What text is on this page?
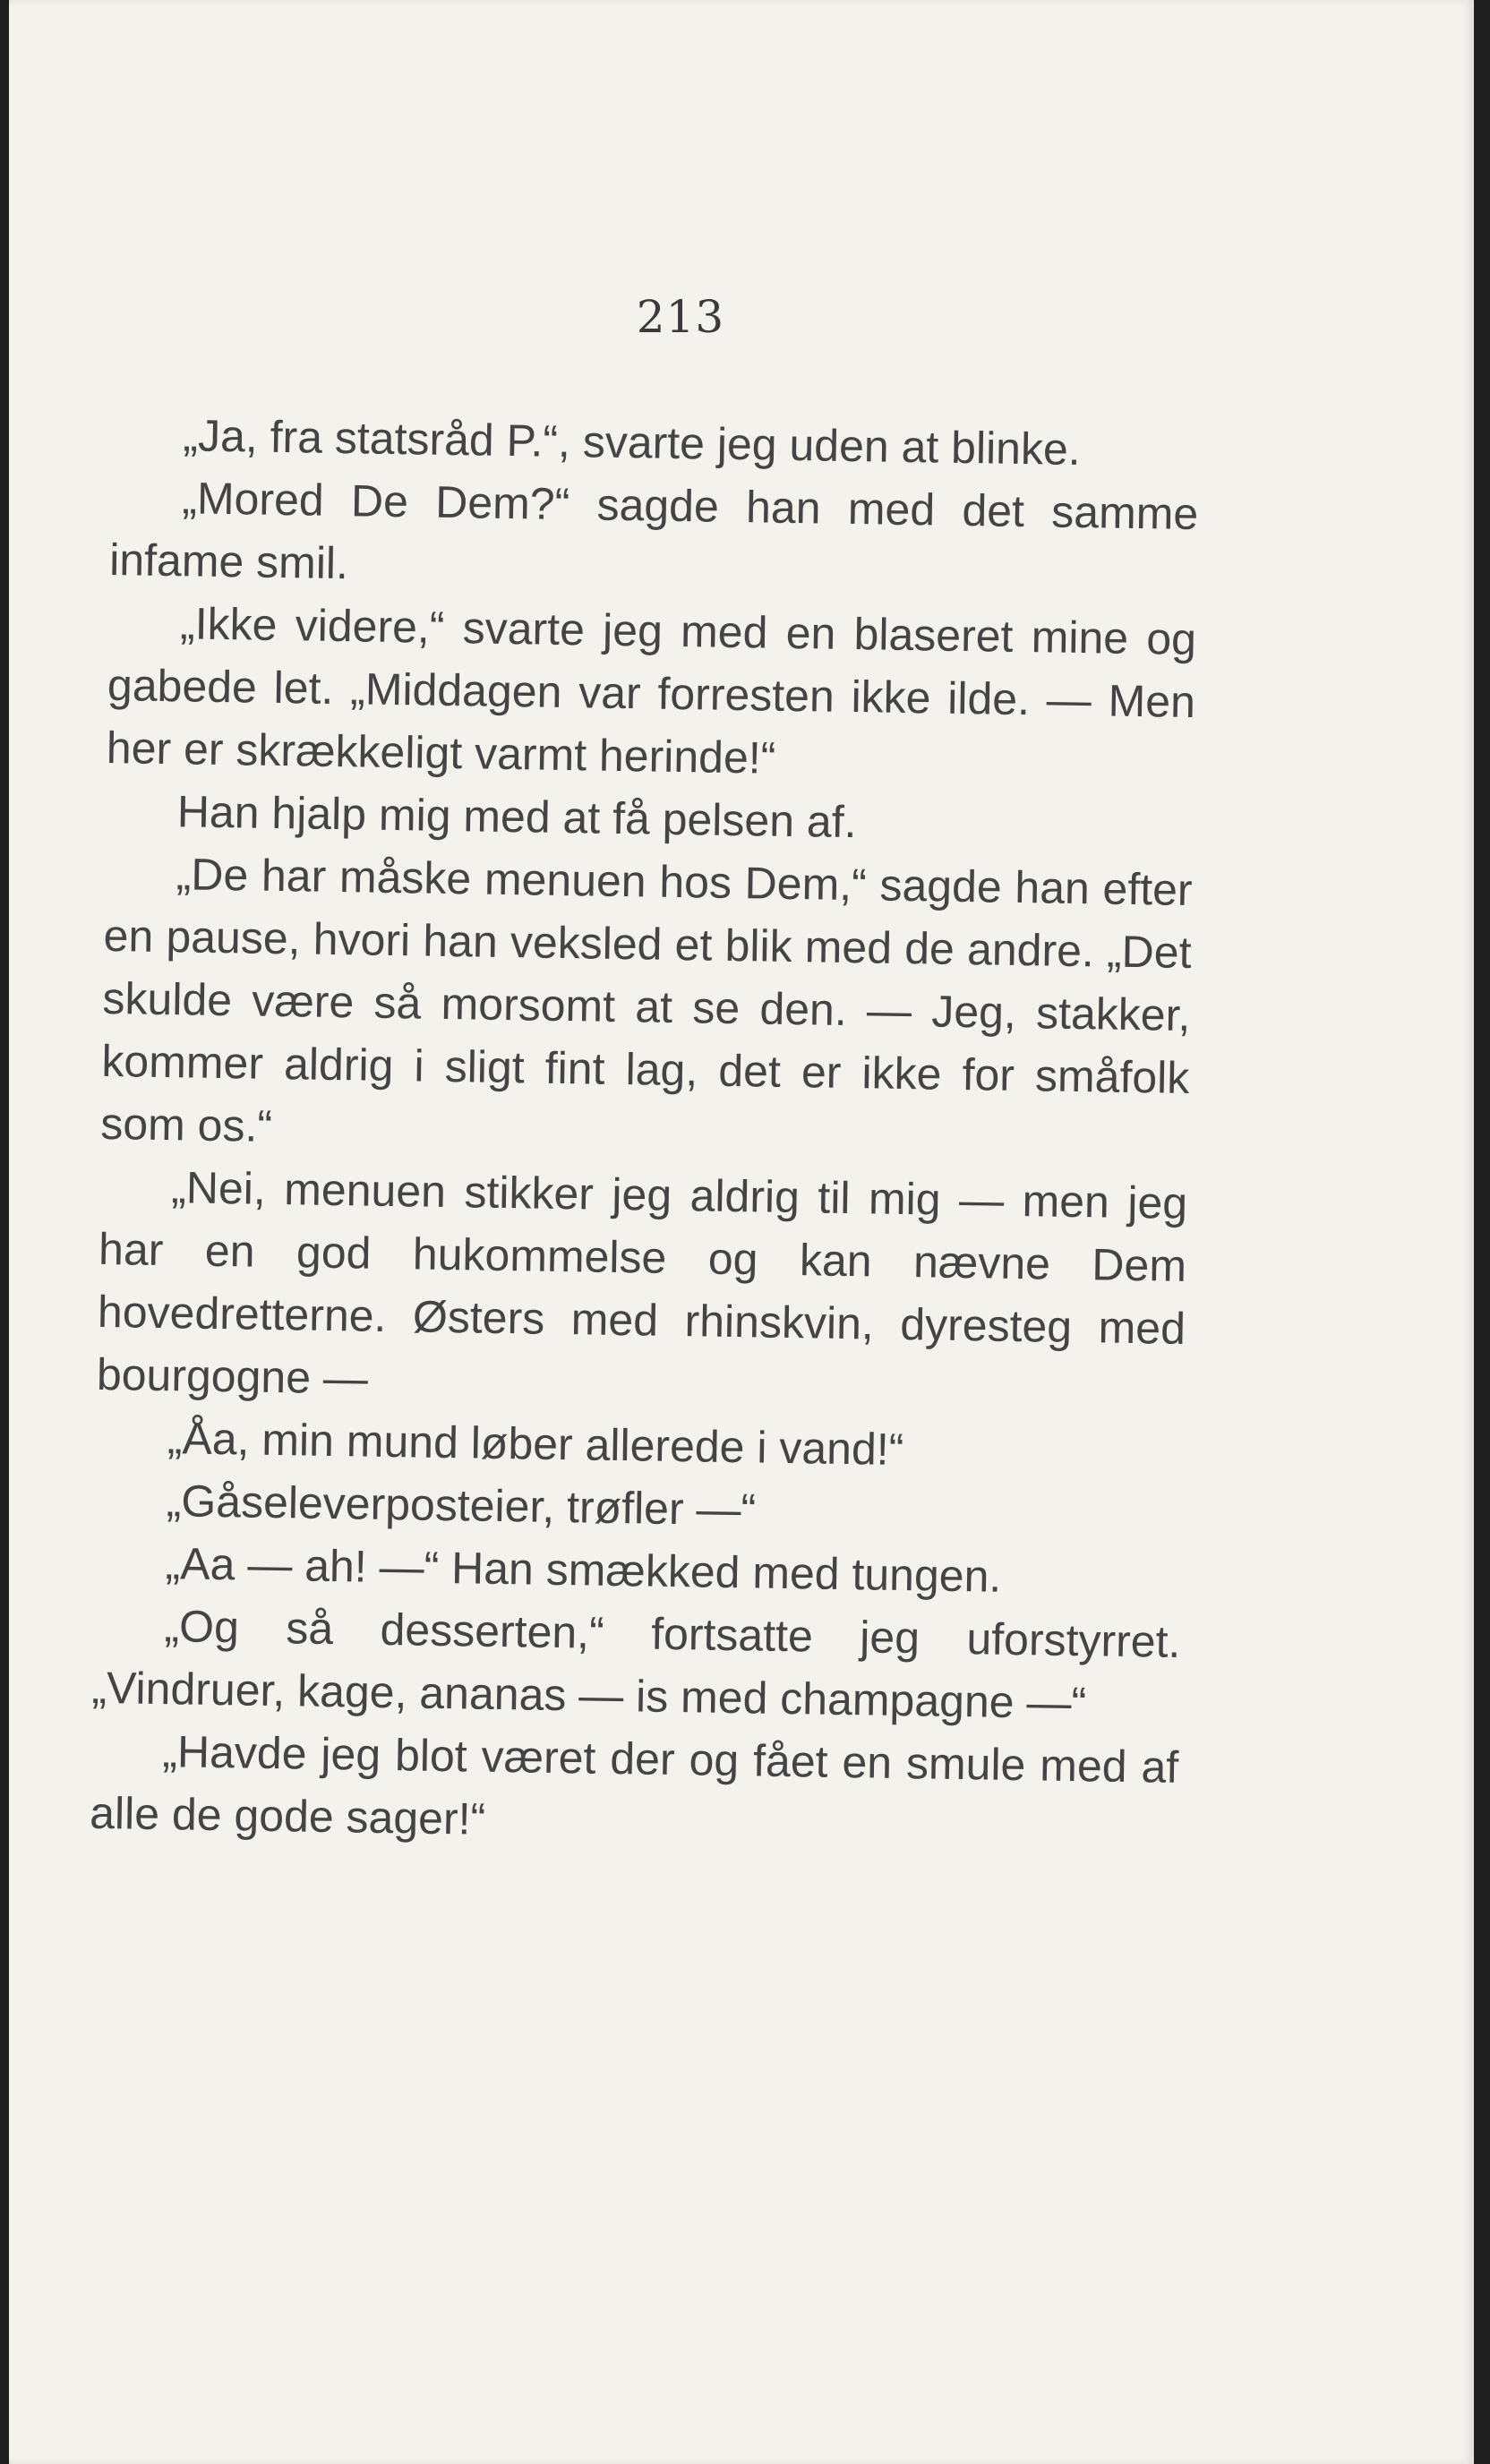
213

„Ja, fra statsråd P.“, svarte jeg uden at blinke.

„Mored De Dem?“ sagde han med det samme infame smil.

„Ikke videre,“ svarte jeg med en blaseret mine og gabede let. „Middagen var forresten ikke ilde. — Men her er skrækkeligt varmt herinde!“

Han hjalp mig med at få pelsen af.

„De har måske menuen hos Dem,“ sagde han efter en pause, hvori han veksled et blik med de andre. „Det skulde være så morsomt at se den. — Jeg, stakker, kommer aldrig i sligt fint lag, det er ikke for småfolk som os.“

„Nei, menuen stikker jeg aldrig til mig — men jeg har en god hukommelse og kan nævne Dem hovedretterne. Østers med rhinskvin, dyresteg med bourgogne —

„Åa, min mund løber allerede i vand!“

„Gåseleverposteier, trøfler —“

„Aa — ah! —“ Han smækked med tungen.

„Og så desserten,“ fortsatte jeg uforstyrret. „Vindruer, kage, ananas — is med champagne —“

„Havde jeg blot været der og fået en smule med af alle de gode sager!“
